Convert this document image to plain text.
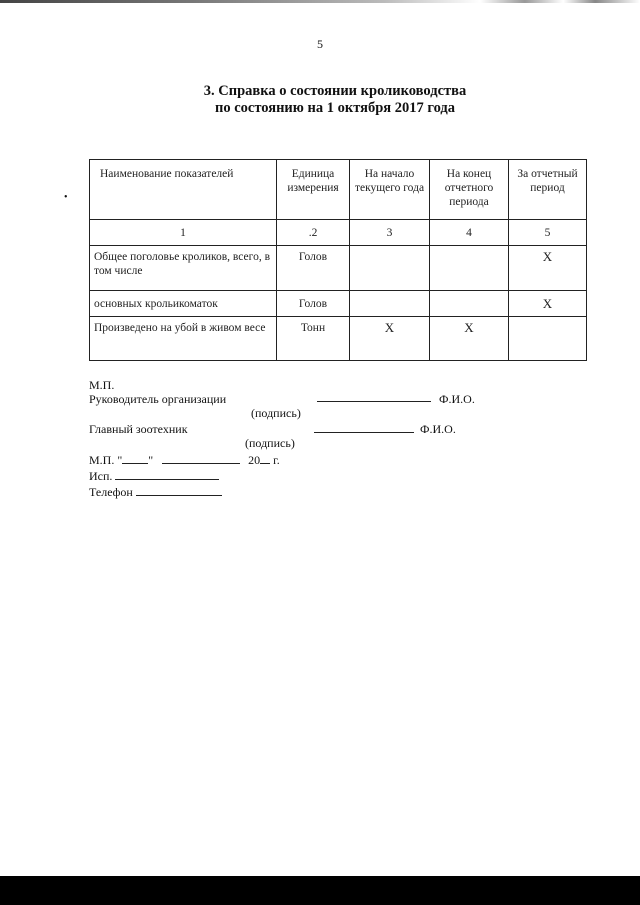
5
3. Справка о состоянии кролиководства
по состоянию на 1 октября 2017 года
•
Наименование показателей	Единица измерения	На начало текущего года	На конец отчетного периода	За отчетный период
1	.2	3	4	5
Общее поголовье кроликов, всего, в том числе	Голов			X
основных крольикоматок	Голов			X
Произведено на убой в живом весе	Тонн	X	X	
М.П.
Руководитель организации	Ф.И.О.
(подпись)
Главный зоотехник	Ф.И.О.
(подпись)
М.П. " "	20 г.
Исп.
Телефон
